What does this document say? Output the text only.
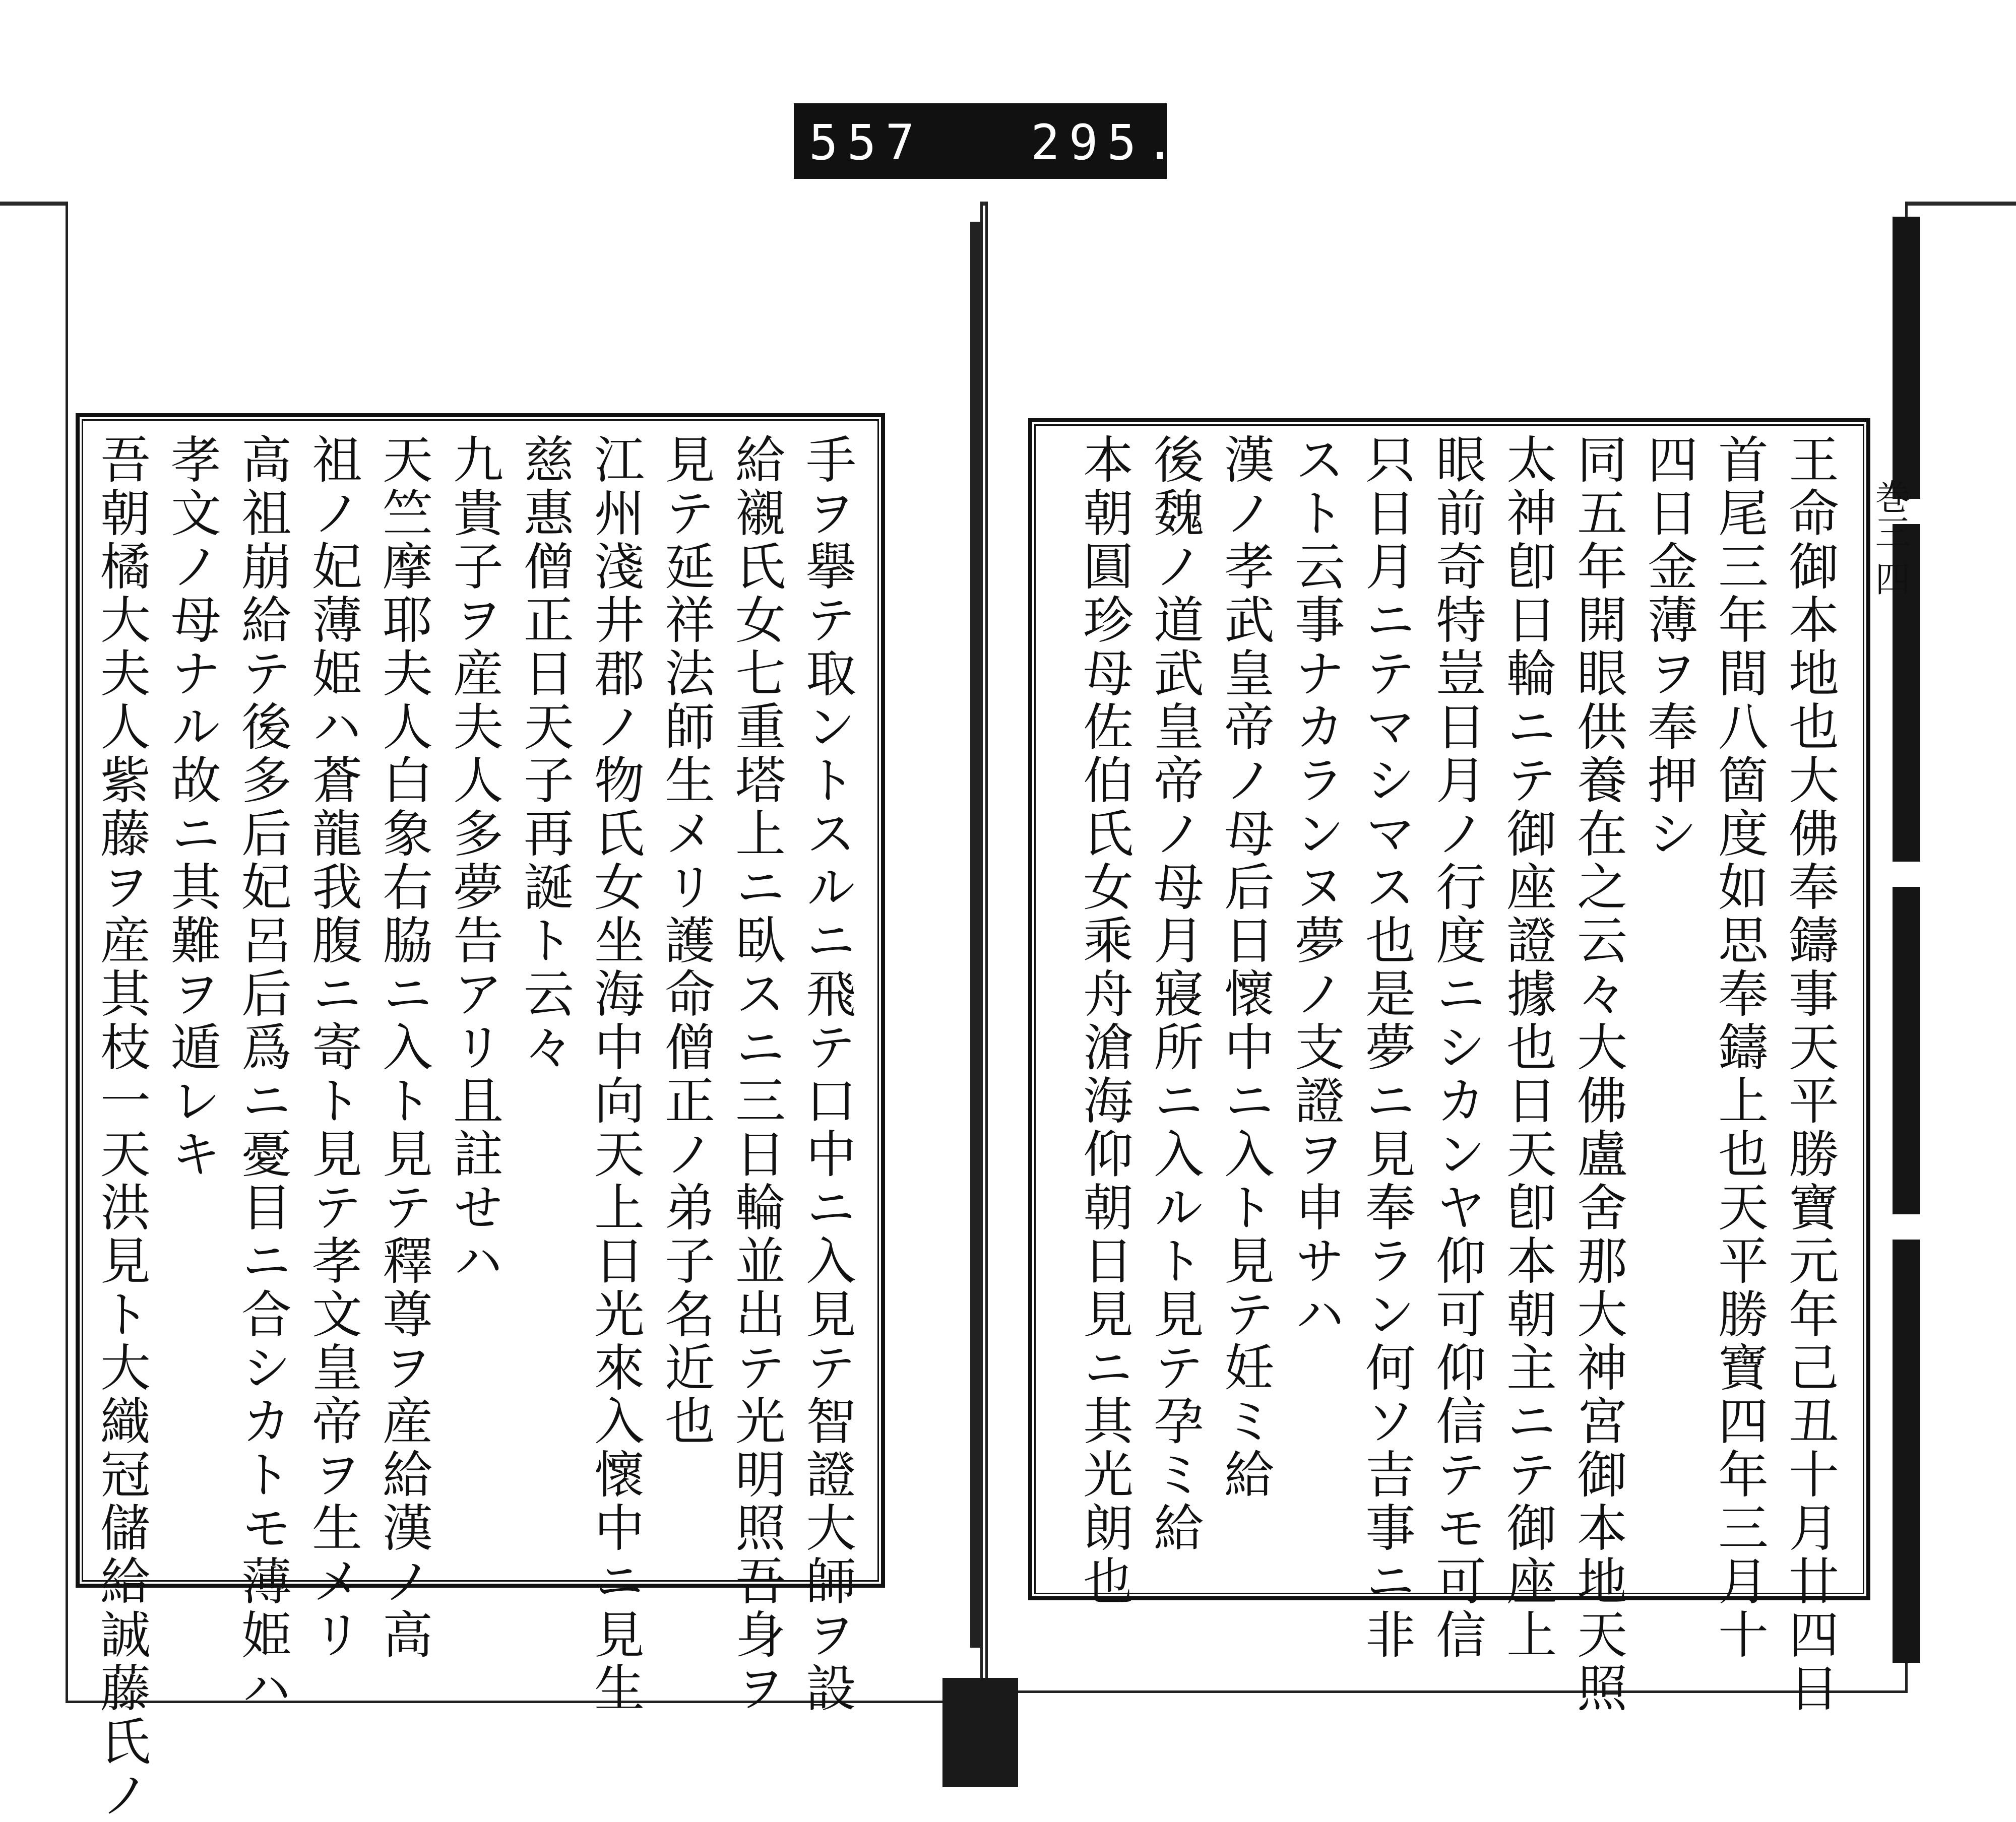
557 295.
巻三 四
王命御本地也大佛奉鑄事天平勝寶元年己丑十月廿四日
首尾三年間八箇度如思奉鑄上也天平勝寶四年三月十
四日金薄ヲ奉押シ
同五年開眼供養在之云々大佛盧舍那大神宮御本地天照
太神卽日輪ニテ御座證據也日天卽本朝主ニテ御座上
眼前奇特豈日月ノ行度ニシカンヤ仰可仰信テモ可信
只日月ニテマシマス也是夢ニ見奉ラン何ソ吉事ニ非
スト云事ナカランヌ夢ノ支證ヲ申サハ
漢ノ孝武皇帝ノ母后日懷中ニ入ト見テ妊ミ給
後魏ノ道武皇帝ノ母月寢所ニ入ルト見テ孕ミ給
本朝圓珍母佐伯氏女乘舟滄海仰朝日見ニ其光朗也
手ヲ擧テ取ントスルニ飛テ口中ニ入見テ智證大師ヲ設
給襯氏女七重塔上ニ臥スニ三日輪並出テ光明照吾身ヲ
見テ延祥法師生メリ護命僧正ノ弟子名近也
江州淺井郡ノ物氏女坐海中向天上日光來入懷中ニ見生
慈惠僧正日天子再誕ト云々
九貴子ヲ産夫人多夢告アリ且註せハ
天竺摩耶夫人白象右脇ニ入ト見テ釋尊ヲ産給漢ノ高
祖ノ妃薄姫ハ蒼龍我腹ニ寄ト見テ孝文皇帝ヲ生メリ
高祖崩給テ後多后妃呂后爲ニ憂目ニ合シカトモ薄姫ハ
孝文ノ母ナル故ニ其難ヲ遁レキ
吾朝橘大夫人紫藤ヲ産其枝一天洪見ト大織冠儲給誠藤氏ノ
